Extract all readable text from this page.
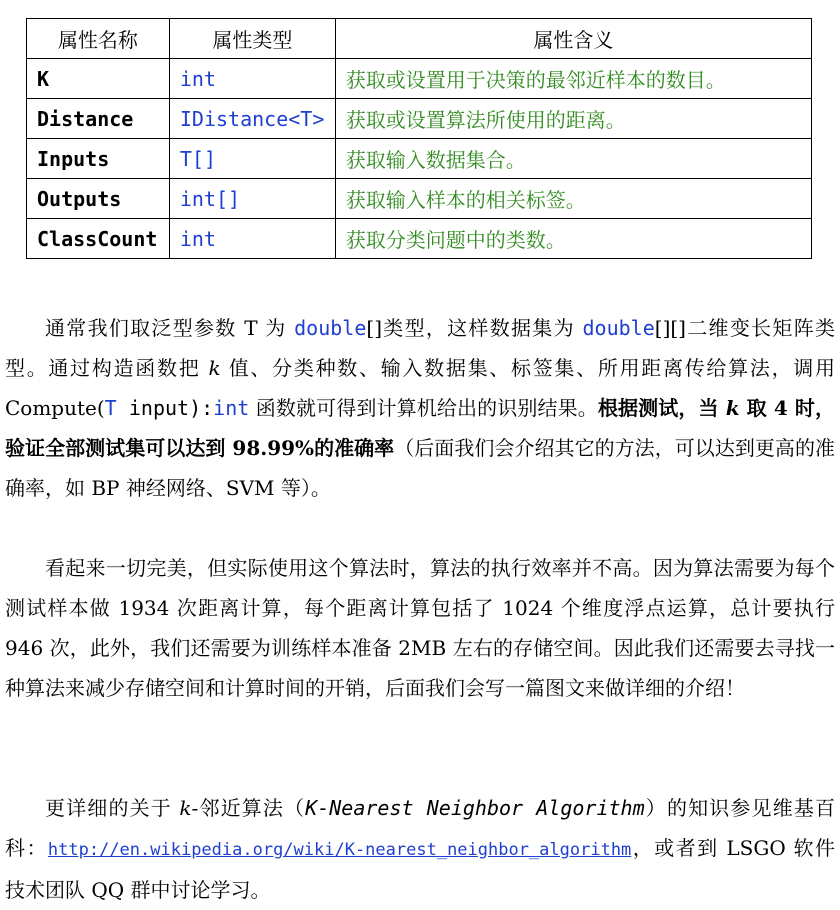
属性名称	属性类型	属性含义
K	int	获取或设置用于决策的最邻近样本的数目。
Distance	IDistance<T>	获取或设置算法所使用的距离。
Inputs	T[]	获取输入数据集合。
Outputs	int[]	获取输入样本的相关标签。
ClassCount	int	获取分类问题中的类数。

通常我们取泛型参数 T 为 double[]类型，这样数据集为 double[][]二维变长矩阵类型。通过构造函数把 k 值、分类种数、输入数据集、标签集、所用距离传给算法，调用 Compute(T input):int 函数就可得到计算机给出的识别结果。根据测试，当 k 取 4 时，验证全部测试集可以达到 98.99%的准确率（后面我们会介绍其它的方法，可以达到更高的准确率，如 BP 神经网络、SVM 等）。

看起来一切完美，但实际使用这个算法时，算法的执行效率并不高。因为算法需要为每个测试样本做 1934 次距离计算，每个距离计算包括了 1024 个维度浮点运算，总计要执行 946 次，此外，我们还需要为训练样本准备 2MB 左右的存储空间。因此我们还需要去寻找一种算法来减少存储空间和计算时间的开销，后面我们会写一篇图文来做详细的介绍！

更详细的关于 k-邻近算法（K-Nearest Neighbor Algorithm）的知识参见维基百科：http://en.wikipedia.org/wiki/K-nearest_neighbor_algorithm，或者到 LSGO 软件技术团队 QQ 群中讨论学习。
